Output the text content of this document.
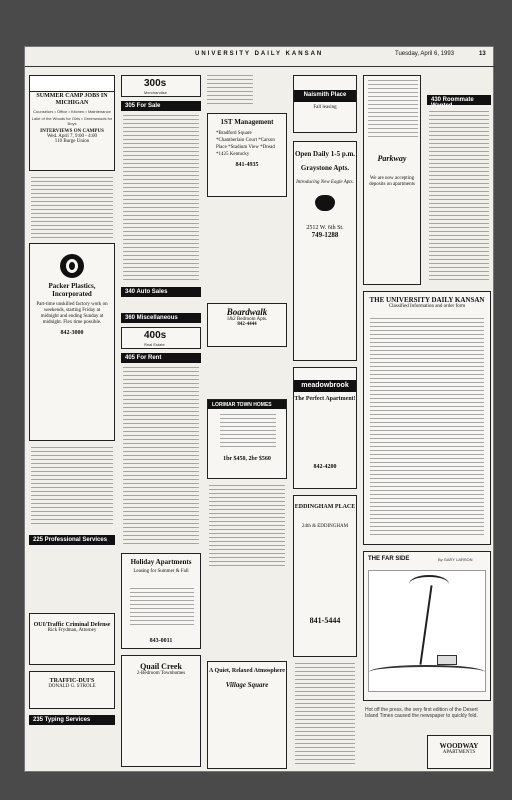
UNIVERSITY DAILY KANSAN	Tuesday, April 6, 1993	13
SUMMER CAMP JOBS IN MICHIGAN
Counselors • Office • Kitchen • Maintenance
Lake of the Woods for Girls • Greenwoods for Boys
INTERVIEWS ON CAMPUS
Wed. April 7, 9:00 - 4:00
110 Burge Union
Packer Plastics, Incorporated
Part-time unskilled factory work on weekends, starting Friday at midnight and ending Sunday at midnight. Flex time possible.
842-3000
225 Professional Services
OUI/Traffic Criminal Defense
Rick Frydman, Attorney
TRAFFIC-DUI'S
DONALD G. STROLE
235 Typing Services
300s
Merchandise
305 For Sale
340 Auto Sales
360 Miscellaneous
400s
Real Estate
405 For Rent
Holiday Apartments
Leasing for Summer & Fall
843-0011
Quail Creek
2-Bedroom Townhomes
1ST Management
*Bradford Square *Chamberlain Court *Carson Place *Stadium View *Dread *1425 Kentucky
841-4935
Boardwalk
1&2 Bedroom Apts.
842-4444
LORIMAR TOWN HOMES
1br $450, 2br $560
A Quiet, Relaxed Atmosphere
Village Square
Naismith Place
Fall leasing
Open Daily 1-5 p.m.
Graystone Apts.
Introducing New Eagle Apts.
2512 W. 6th St.
749-1288
meadowbrook
The Perfect Apartment!
842-4200
EDDINGHAM PLACE
24th & EDDINGHAM
841-5444
Parkway
We are now accepting deposits on apartments
430 Roommate Wanted
THE UNIVERSITY DAILY KANSAN
Classified Information and order form
THE FAR SIDE	By GARY LARSON
Hot off the press, the very first edition of the Desert Island Times caused the newspaper to quickly fold.
WOODWAY
APARTMENTS
